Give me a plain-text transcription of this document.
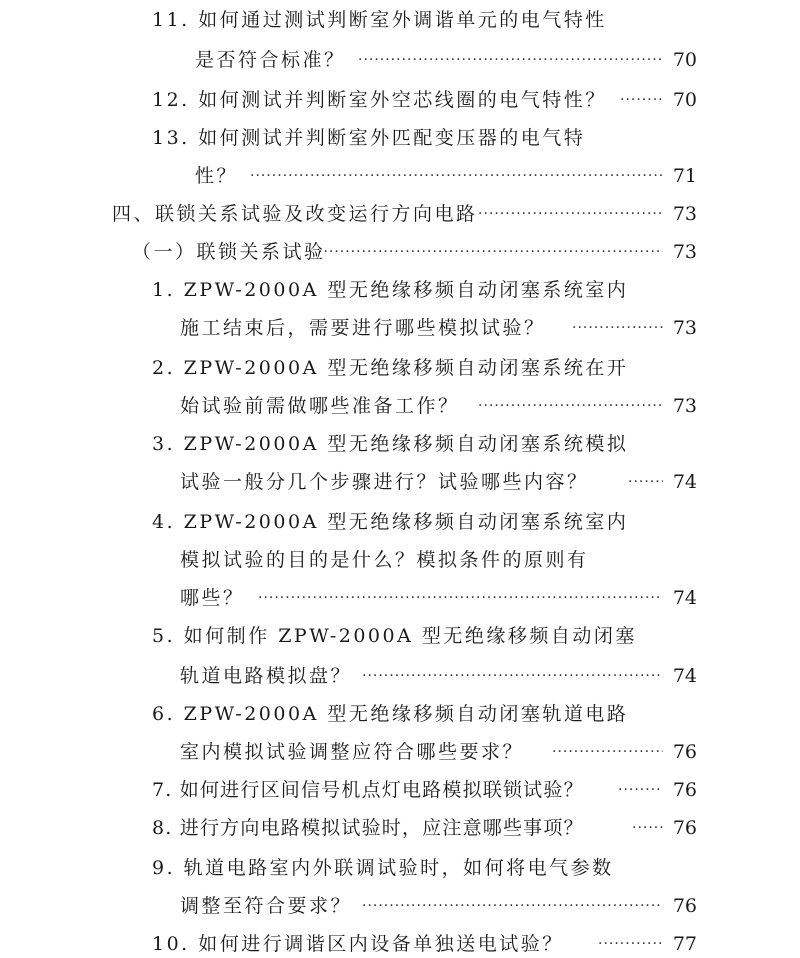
11. 如何通过测试判断室外调谐单元的电气特性
是否符合标准？ ·····	70
12. 如何测试并判断室外空芯线圈的电气特性？ ·····	70
13. 如何测试并判断室外匹配变压器的电气特
性？ ·····	71
四、联锁关系试验及改变运行方向电路 ·····	73
（一）联锁关系试验 ·····	73
1. ZPW-2000A 型无绝缘移频自动闭塞系统室内
施工结束后，需要进行哪些模拟试验？ ·····	73
2. ZPW-2000A 型无绝缘移频自动闭塞系统在开
始试验前需做哪些准备工作？ ·····	73
3. ZPW-2000A 型无绝缘移频自动闭塞系统模拟
试验一般分几个步骤进行？试验哪些内容？ ·····	74
4. ZPW-2000A 型无绝缘移频自动闭塞系统室内
模拟试验的目的是什么？模拟条件的原则有
哪些？ ·····	74
5. 如何制作 ZPW-2000A 型无绝缘移频自动闭塞
轨道电路模拟盘？ ·····	74
6. ZPW-2000A 型无绝缘移频自动闭塞轨道电路
室内模拟试验调整应符合哪些要求？ ·····	76
7. 如何进行区间信号机点灯电路模拟联锁试验？ ·····	76
8. 进行方向电路模拟试验时，应注意哪些事项？ ·····	76
9. 轨道电路室内外联调试验时，如何将电气参数
调整至符合要求？ ·····	76
10. 如何进行调谐区内设备单独送电试验？ ·····	77
